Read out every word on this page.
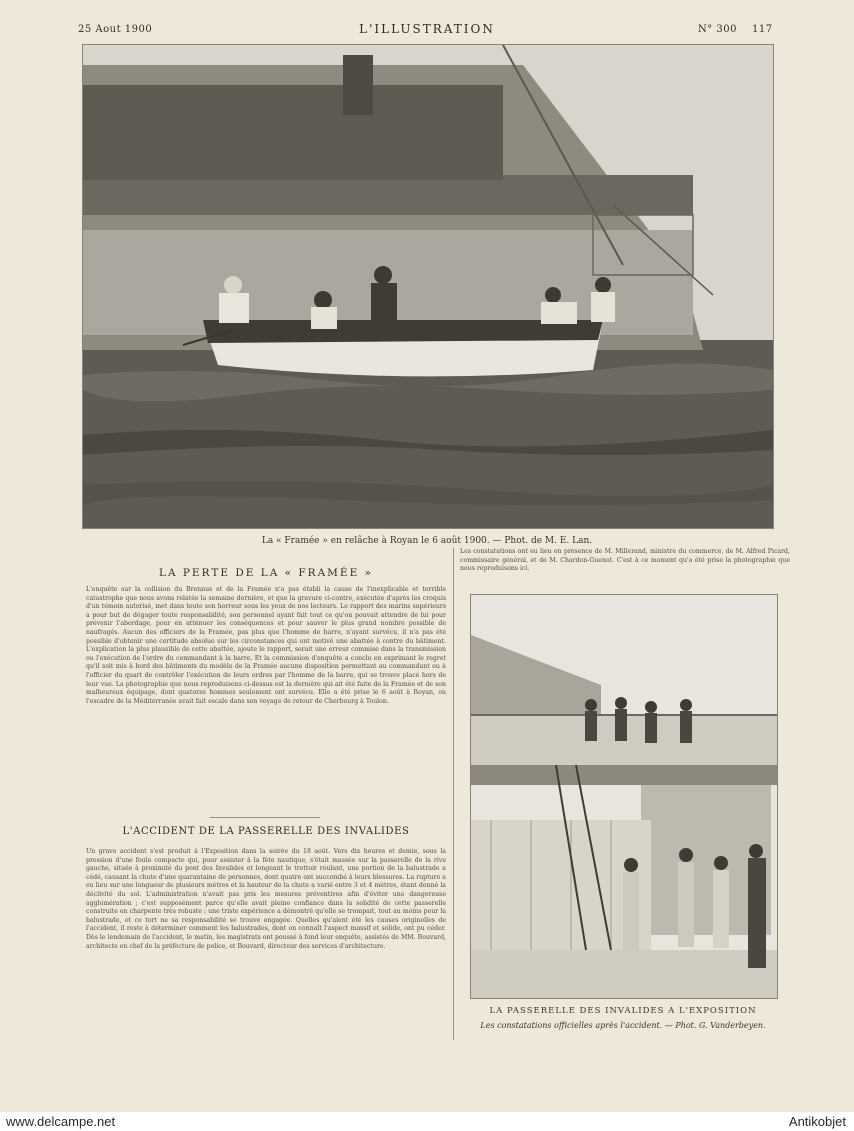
25 Aout 1900	L'ILLUSTRATION	N° 300 117
La « Framée » en relâche à Royan le 6 août 1900. — Phot. de M. E. Lan.
LA PERTE DE LA « FRAMÉE »

L'enquête sur la collision du Brennus et de la Framée n'a pas établi la cause de l'inexplicable et terrible catastrophe que nous avons relatée la semaine dernière, et que la gravure ci-contre, exécutée d'après les croquis d'un témoin autorisé, met dans toute son horreur sous les yeux de nos lecteurs. Le rapport des marins supérieurs a pour but de dégager toute responsabilité, son personnel ayant fait tout ce qu'on pouvait attendre de lui pour prévenir l'abordage, pour en atténuer les conséquences et pour sauver le plus grand nombre possible de naufragés. Aucun des officiers de la Framée, pas plus que l'homme de barre, n'ayant survécu, il n'a pas été possible d'obtenir une certitude absolue sur les circonstances qui ont motivé une abattée à contre du bâtiment. L'explication la plus plausible de cette abattée, ajoute le rapport, serait une erreur commise dans la transmission ou l'exécution de l'ordre du commandant à la barre. Et la commission d'enquête a conclu en exprimant le regret qu'il soit mis à bord des bâtiments du modèle de la Framée aucune disposition permettant au commandant ou à l'officier du quart de contrôler l'exécution de leurs ordres par l'homme de la barre, qui se trouve placé hors de leur vue. La photographie que nous reproduisons ci-dessus est la dernière qui ait été faite de la Framée et de son malheureux équipage, dont quatorze hommes seulement ont survécu. Elle a été prise le 6 août à Royan, où l'escadre de la Méditerranée avait fait escale dans son voyage de retour de Cherbourg à Toulon.

L'ACCIDENT DE LA PASSERELLE DES INVALIDES

Un grave accident s'est produit à l'Exposition dans la soirée du 18 août. Vers dix heures et demie, sous la pression d'une foule compacte qui, pour assister à la fête nautique, s'était massée sur la passerelle de la rive gauche, située à proximité du pont des Invalides et longeant le trottoir roulant, une portion de la balustrade a cédé, causant la chute d'une quarantaine de personnes, dont quatre ont succombé à leurs blessures. La rupture a eu lieu sur une longueur de plusieurs mètres et la hauteur de la chute a varié entre 3 et 4 mètres, étant donné la déclivité du sol. L'administration n'avait pas pris les mesures préventives afin d'éviter une dangereuse agglomération ; c'est supposément parce qu'elle avait pleine confiance dans la solidité de cette passerelle construite en charpente très robuste ; une triste expérience a démontré qu'elle se trompait, tout au moins pour la balustrade, et ce tort ne sa responsabilité se trouve engagée. Quelles qu'aient été les causes originelles de l'accident, il reste à déterminer comment les balustrades, dont on connaît l'aspect massif et solide, ont pu céder. Dès le lendemain de l'accident, le matin, les magistrats ont poussé à fond leur enquête, assistés de MM. Bouvard, architecte en chef de la préfecture de police, et Bouvard, directeur des services d'architecture.

Les constatations ont eu lieu en présence de M. Millerand, ministre du commerce, de M. Alfred Picard, commissaire général, et de M. Chardon-Guenot. C'est à ce moment qu'a été prise la photographie que nous reproduisons ici.

LA PASSERELLE DES INVALIDES A L'EXPOSITION
Les constatations officielles après l'accident. — Phot. G. Vanderbeyen.
www.delcampe.net	Antikobjet
